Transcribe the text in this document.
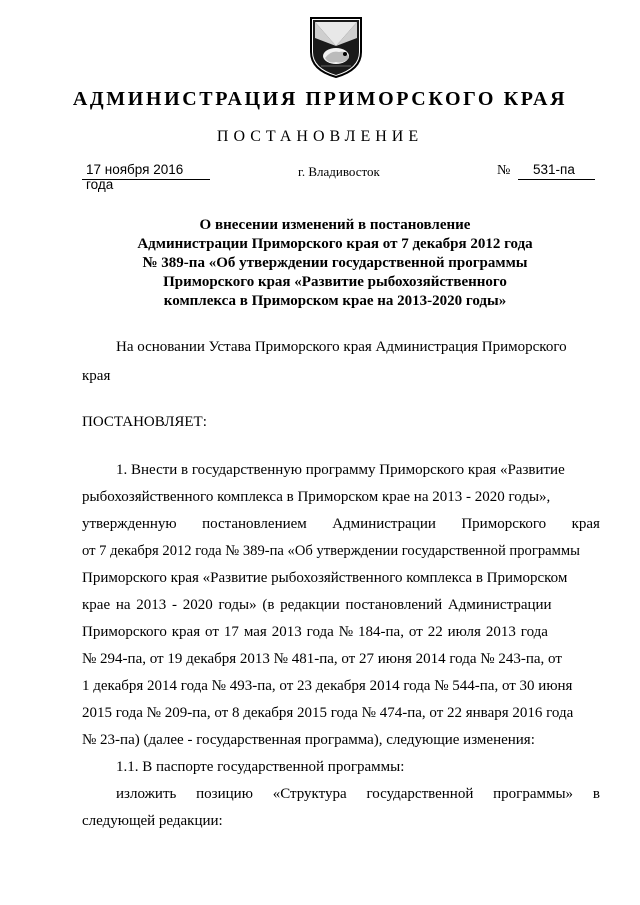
АДМИНИСТРАЦИЯ ПРИМОРСКОГО КРАЯ
ПОСТАНОВЛЕНИЕ
17 ноября 2016 года
г. Владивосток	№ 531-па
О внесении изменений в постановление
Администрации Приморского края от 7 декабря 2012 года
№ 389-па «Об утверждении государственной программы
Приморского края «Развитие рыбохозяйственного
комплекса в Приморском крае на 2013-2020 годы»
На основании Устава Приморского края Администрация Приморского
края
ПОСТАНОВЛЯЕТ:
1. Внести в государственную программу Приморского края «Развитие
рыбохозяйственного комплекса в Приморском крае на 2013 - 2020 годы»,
утвержденную постановлением Администрации Приморского края
от 7 декабря 2012 года № 389-па «Об утверждении государственной программы
Приморского края «Развитие рыбохозяйственного комплекса в Приморском
крае на 2013 - 2020 годы» (в редакции постановлений Администрации
Приморского края от 17 мая 2013 года № 184-па, от 22 июля 2013 года
№ 294-па, от 19 декабря 2013 № 481-па, от 27 июня 2014 года № 243-па, от
1 декабря 2014 года № 493-па, от 23 декабря 2014 года № 544-па, от 30 июня
2015 года № 209-па, от 8 декабря 2015 года № 474-па, от 22 января 2016 года
№ 23-па) (далее - государственная программа), следующие изменения:
1.1. В паспорте государственной программы:
изложить позицию «Структура государственной программы» в
следующей редакции:
